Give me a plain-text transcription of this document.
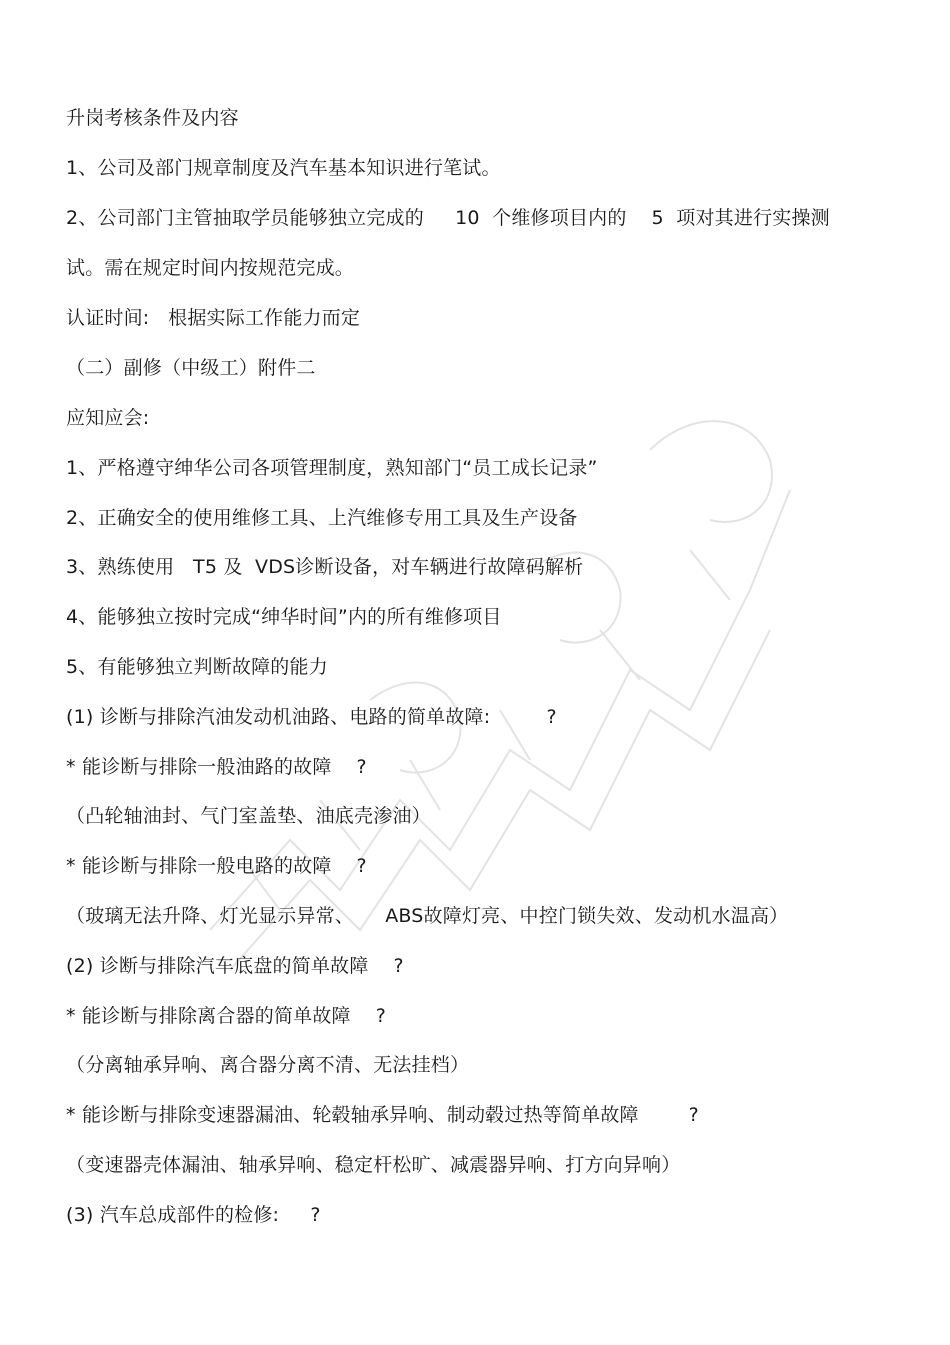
升岗考核条件及内容
1、公司及部门规章制度及汽车基本知识进行笔试。
2、公司部门主管抽取学员能够独立完成的     10  个维修项目内的    5  项对其进行实操测
试。需在规定时间内按规范完成。
认证时间:   根据实际工作能力而定
（二）副修（中级工）附件二
应知应会:
1、严格遵守绅华公司各项管理制度，熟知部门“员工成长记录”
2、正确安全的使用维修工具、上汽维修专用工具及生产设备
3、熟练使用   T5 及  VDS诊断设备，对车辆进行故障码解析
4、能够独立按时完成“绅华时间”内的所有维修项目
5、有能够独立判断故障的能力
(1) 诊断与排除汽油发动机油路、电路的简单故障:         ?
* 能诊断与排除一般油路的故障    ?
（凸轮轴油封、气门室盖垫、油底壳渗油）
* 能诊断与排除一般电路的故障    ?
（玻璃无法升降、灯光显示异常、     ABS故障灯亮、中控门锁失效、发动机水温高）
(2) 诊断与排除汽车底盘的简单故障    ?
* 能诊断与排除离合器的简单故障    ?
（分离轴承异响、离合器分离不清、无法挂档）
* 能诊断与排除变速器漏油、轮毂轴承异响、制动毂过热等简单故障        ?
（变速器壳体漏油、轴承异响、稳定杆松旷、减震器异响、打方向异响）
(3) 汽车总成部件的检修:     ?
